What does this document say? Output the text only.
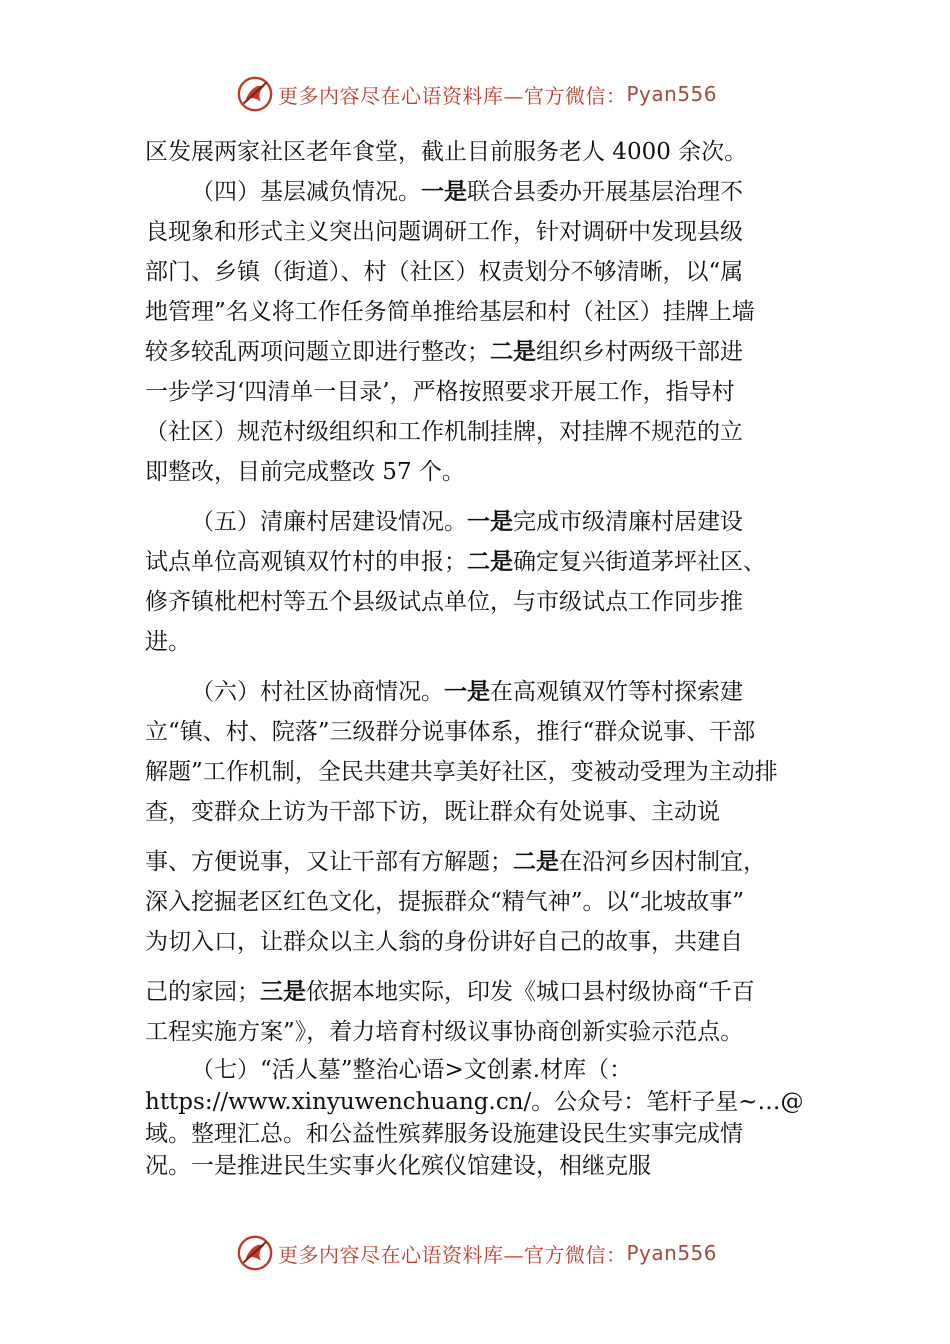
更多内容尽在心语资料库—官方微信： Pyan556
区发展两家社区老年食堂，截止目前服务老人 4000 余次。
（四）基层减负情况。一是联合县委办开展基层治理不
良现象和形式主义突出问题调研工作，针对调研中发现县级
部门、乡镇（街道）、村（社区）权责划分不够清晰，以“属
地管理”名义将工作任务简单推给基层和村（社区）挂牌上墙
较多较乱两项问题立即进行整改；二是组织乡村两级干部进
一步学习‘四清单一目录’，严格按照要求开展工作，指导村
（社区）规范村级组织和工作机制挂牌，对挂牌不规范的立
即整改，目前完成整改 57 个。
（五）清廉村居建设情况。一是完成市级清廉村居建设
试点单位高观镇双竹村的申报；二是确定复兴街道茅坪社区、
修齐镇枇杷村等五个县级试点单位，与市级试点工作同步推
进。
（六）村社区协商情况。一是在高观镇双竹等村探索建
立“镇、村、院落”三级群分说事体系，推行“群众说事、干部
解题”工作机制，全民共建共享美好社区，变被动受理为主动排
查，变群众上访为干部下访，既让群众有处说事、主动说
事、方便说事，又让干部有方解题；二是在沿河乡因村制宜，
深入挖掘老区红色文化，提振群众“精气神”。以“北坡故事”
为切入口，让群众以主人翁的身份讲好自己的故事，共建自
己的家园；三是依据本地实际，印发《城口县村级协商“千百
工程实施方案”》，着力培育村级议事协商创新实验示范点。
（七）“活人墓”整治心语>文创素.材库（：
https://www.xinyuwenchuang.cn/。公众号：笔杆子星~…@
域。整理汇总。和公益性殡葬服务设施建设民生实事完成情
况。一是推进民生实事火化殡仪馆建设，相继克服
更多内容尽在心语资料库—官方微信： Pyan556
